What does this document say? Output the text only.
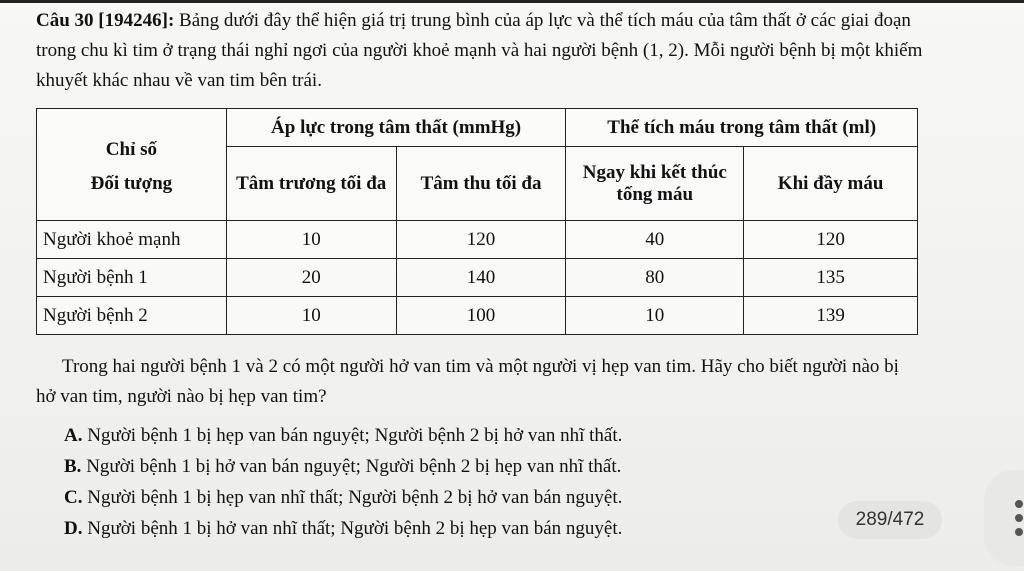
Câu 30 [194246]: Bảng dưới đây thể hiện giá trị trung bình của áp lực và thể tích máu của tâm thất ở các giai đoạn trong chu kì tim ở trạng thái nghỉ ngơi của người khoẻ mạnh và hai người bệnh (1, 2). Mỗi người bệnh bị một khiếm khuyết khác nhau về van tim bên trái.
Chỉ số
Đối tượng	Áp lực trong tâm thất (mmHg)		Thể tích máu trong tâm thất (ml)	
	Tâm trương tối đa	Tâm thu tối đa	Ngay khi kết thúc tống máu	Khi đầy máu
Người khoẻ mạnh	10	120	40	120
Người bệnh 1	20	140	80	135
Người bệnh 2	10	100	10	139
Trong hai người bệnh 1 và 2 có một người hở van tim và một người vị hẹp van tim. Hãy cho biết người nào bị hở van tim, người nào bị hẹp van tim?
A. Người bệnh 1 bị hẹp van bán nguyệt; Người bệnh 2 bị hở van nhĩ thất.
B. Người bệnh 1 bị hở van bán nguyệt; Người bệnh 2 bị hẹp van nhĩ thất.
C. Người bệnh 1 bị hẹp van nhĩ thất; Người bệnh 2 bị hở van bán nguyệt.
D. Người bệnh 1 bị hở van nhĩ thất; Người bệnh 2 bị hẹp van bán nguyệt.	289/472
